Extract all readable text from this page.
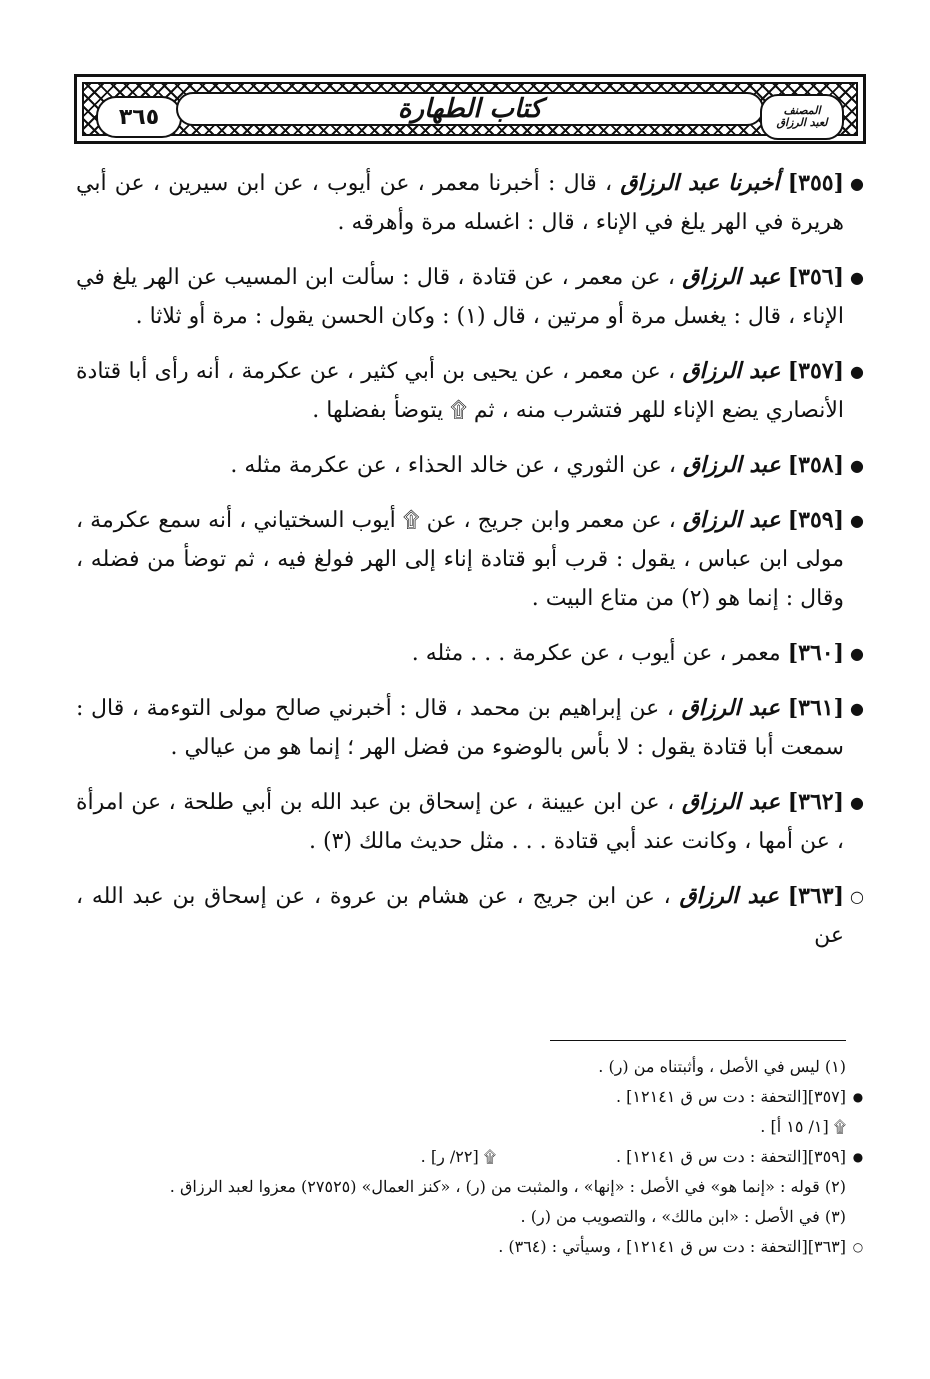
٣٦٥	كتاب الطهارة	المصنف
لعبد الرزاق

●
[٣٥٥] أخبرنا عبد الرزاق ، قال : أخبرنا معمر ، عن أيوب ، عن ابن سيرين ، عن أبي هريرة في الهر يلغ في الإناء ، قال : اغسله مرة وأهرقه .

●
[٣٥٦] عبد الرزاق ، عن معمر ، عن قتادة ، قال : سألت ابن المسيب عن الهر يلغ في الإناء ، قال : يغسل مرة أو مرتين ، قال (١) : وكان الحسن يقول : مرة أو ثلاثا .

●
[٣٥٧] عبد الرزاق ، عن معمر ، عن يحيى بن أبي كثير ، عن عكرمة ، أنه رأى أبا قتادة الأنصاري يضع الإناء للهر فتشرب منه ، ثم ۩ يتوضأ بفضلها .

●
[٣٥٨] عبد الرزاق ، عن الثوري ، عن خالد الحذاء ، عن عكرمة مثله .

●
[٣٥٩] عبد الرزاق ، عن معمر وابن جريج ، عن ۩ أيوب السختياني ، أنه سمع عكرمة ، مولى ابن عباس ، يقول : قرب أبو قتادة إناء إلى الهر فولغ فيه ، ثم توضأ من فضله ، وقال : إنما هو (٢) من متاع البيت .

●
[٣٦٠] معمر ، عن أيوب ، عن عكرمة . . . مثله .

●
[٣٦١] عبد الرزاق ، عن إبراهيم بن محمد ، قال : أخبرني صالح مولى التوءمة ، قال : سمعت أبا قتادة يقول : لا بأس بالوضوء من فضل الهر ؛ إنما هو من عيالي .

●
[٣٦٢] عبد الرزاق ، عن ابن عيينة ، عن إسحاق بن عبد الله بن أبي طلحة ، عن امرأة ، عن أمها ، وكانت عند أبي قتادة . . . مثل حديث مالك (٣) .

○
[٣٦٣] عبد الرزاق ، عن ابن جريج ، عن هشام بن عروة ، عن إسحاق بن عبد الله ، عن

(١) ليس في الأصل ، وأثبتناه من (ر) .

●
[٣٥٧][التحفة : دت س ق ١٢١٤١] .

۩ [١/ ١٥ أ] .

●
[٣٥٩][التحفة : دت س ق ١٢١٤١] .
۩ [٢٢/ ر] .

(٢) قوله : «إنما هو» في الأصل : «إنها» ، والمثبت من (ر) ، «كنز العمال» (٢٧٥٢٥) معزوا لعبد الرزاق .

(٣) في الأصل : «ابن مالك» ، والتصويب من (ر) .

○
[٣٦٣][التحفة : دت س ق ١٢١٤١] ، وسيأتي : (٣٦٤) .
